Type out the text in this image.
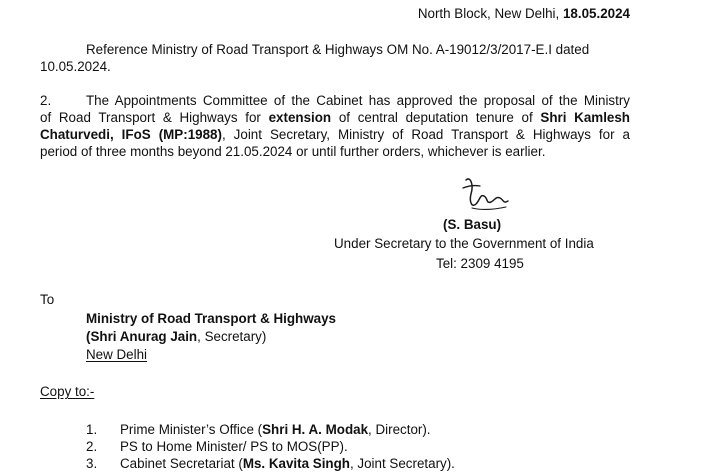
North Block, New Delhi, 18.05.2024
Reference Ministry of Road Transport & Highways OM No. A-19012/3/2017-E.I dated
10.05.2024.
2.	The Appointments Committee of the Cabinet has approved the proposal of the Ministry
of Road Transport & Highways for extension of central deputation tenure of Shri Kamlesh
Chaturvedi, IFoS (MP:1988), Joint Secretary, Ministry of Road Transport & Highways for a
period of three months beyond 21.05.2024 or until further orders, whichever is earlier.
(S. Basu)
Under Secretary to the Government of India
Tel: 2309 4195
To
Ministry of Road Transport & Highways
(Shri Anurag Jain, Secretary)
New Delhi
Copy to:-
1. Prime Minister’s Office (Shri H. A. Modak, Director).
2. PS to Home Minister/ PS to MOS(PP).
3. Cabinet Secretariat (Ms. Kavita Singh, Joint Secretary).
